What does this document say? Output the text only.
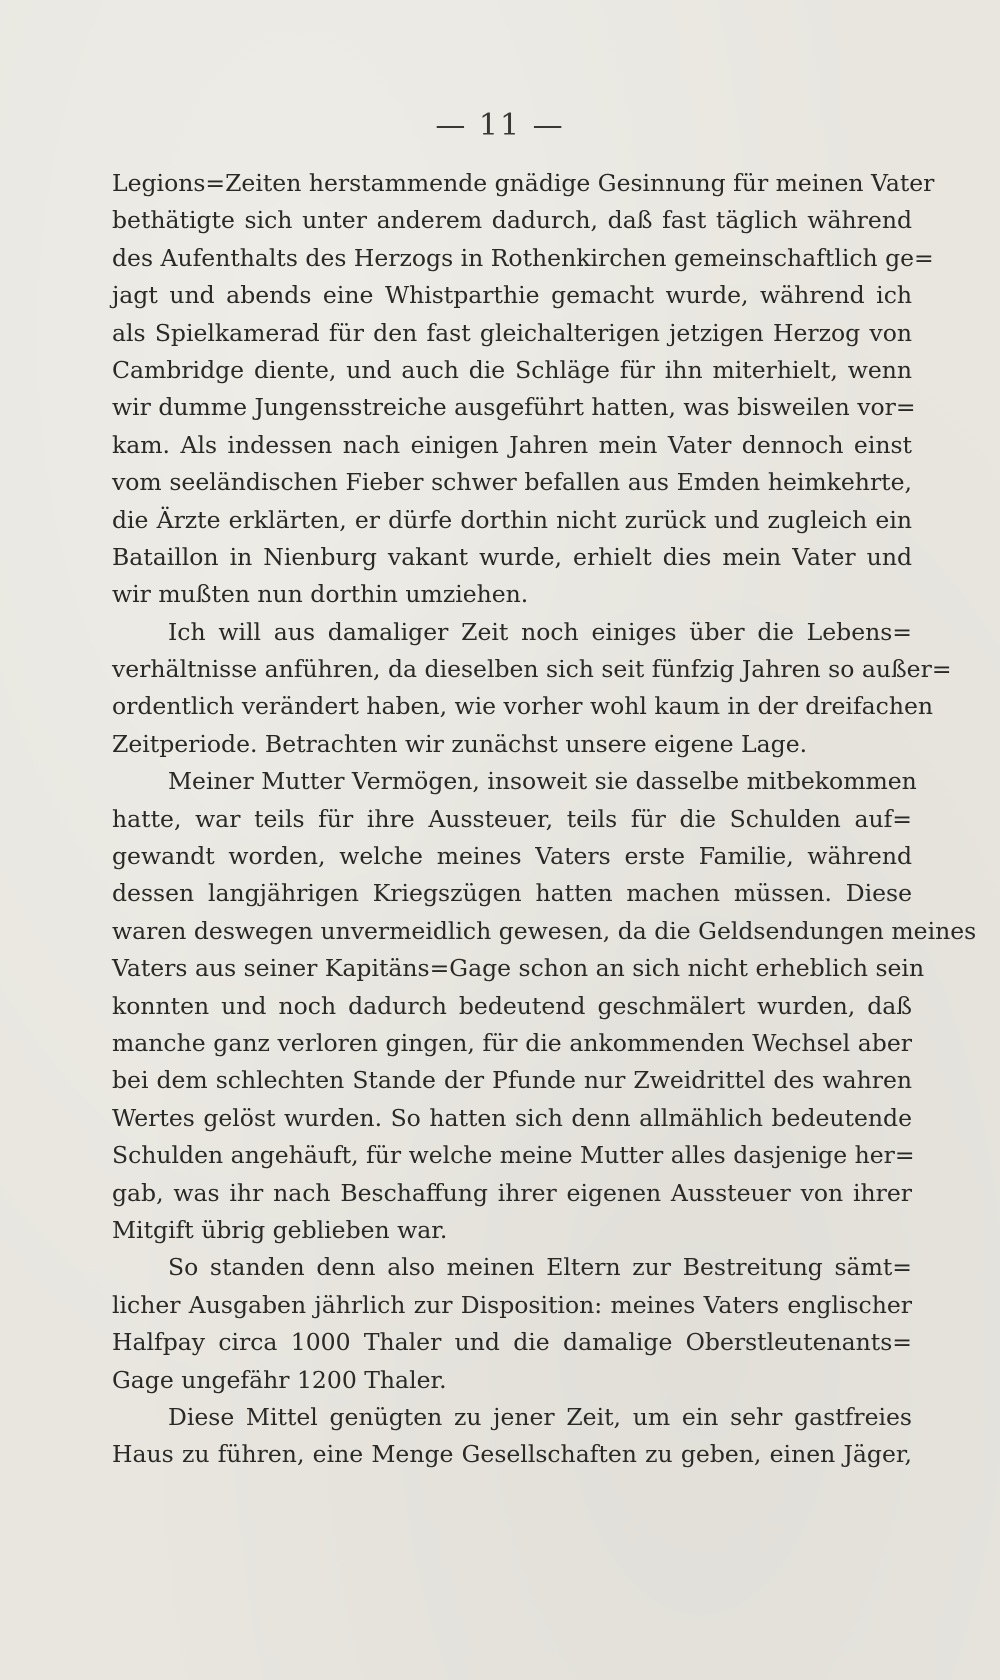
— 11 —
Legions=Zeiten herstammende gnädige Gesinnung für meinen Vater
bethätigte sich unter anderem dadurch, daß fast täglich während
des Aufenthalts des Herzogs in Rothenkirchen gemeinschaftlich ge=
jagt und abends eine Whistparthie gemacht wurde, während ich
als Spielkamerad für den fast gleichalterigen jetzigen Herzog von
Cambridge diente, und auch die Schläge für ihn miterhielt, wenn
wir dumme Jungensstreiche ausgeführt hatten, was bisweilen vor=
kam. Als indessen nach einigen Jahren mein Vater dennoch einst
vom seeländischen Fieber schwer befallen aus Emden heimkehrte,
die Ärzte erklärten, er dürfe dorthin nicht zurück und zugleich ein
Bataillon in Nienburg vakant wurde, erhielt dies mein Vater und
wir mußten nun dorthin umziehen.
Ich will aus damaliger Zeit noch einiges über die Lebens=
verhältnisse anführen, da dieselben sich seit fünfzig Jahren so außer=
ordentlich verändert haben, wie vorher wohl kaum in der dreifachen
Zeitperiode. Betrachten wir zunächst unsere eigene Lage.
Meiner Mutter Vermögen, insoweit sie dasselbe mitbekommen
hatte, war teils für ihre Aussteuer, teils für die Schulden auf=
gewandt worden, welche meines Vaters erste Familie, während
dessen langjährigen Kriegszügen hatten machen müssen. Diese
waren deswegen unvermeidlich gewesen, da die Geldsendungen meines
Vaters aus seiner Kapitäns=Gage schon an sich nicht erheblich sein
konnten und noch dadurch bedeutend geschmälert wurden, daß
manche ganz verloren gingen, für die ankommenden Wechsel aber
bei dem schlechten Stande der Pfunde nur Zweidrittel des wahren
Wertes gelöst wurden. So hatten sich denn allmählich bedeutende
Schulden angehäuft, für welche meine Mutter alles dasjenige her=
gab, was ihr nach Beschaffung ihrer eigenen Aussteuer von ihrer
Mitgift übrig geblieben war.
So standen denn also meinen Eltern zur Bestreitung sämt=
licher Ausgaben jährlich zur Disposition: meines Vaters englischer
Halfpay circa 1000 Thaler und die damalige Oberstleutenants=
Gage ungefähr 1200 Thaler.
Diese Mittel genügten zu jener Zeit, um ein sehr gastfreies
Haus zu führen, eine Menge Gesellschaften zu geben, einen Jäger,
